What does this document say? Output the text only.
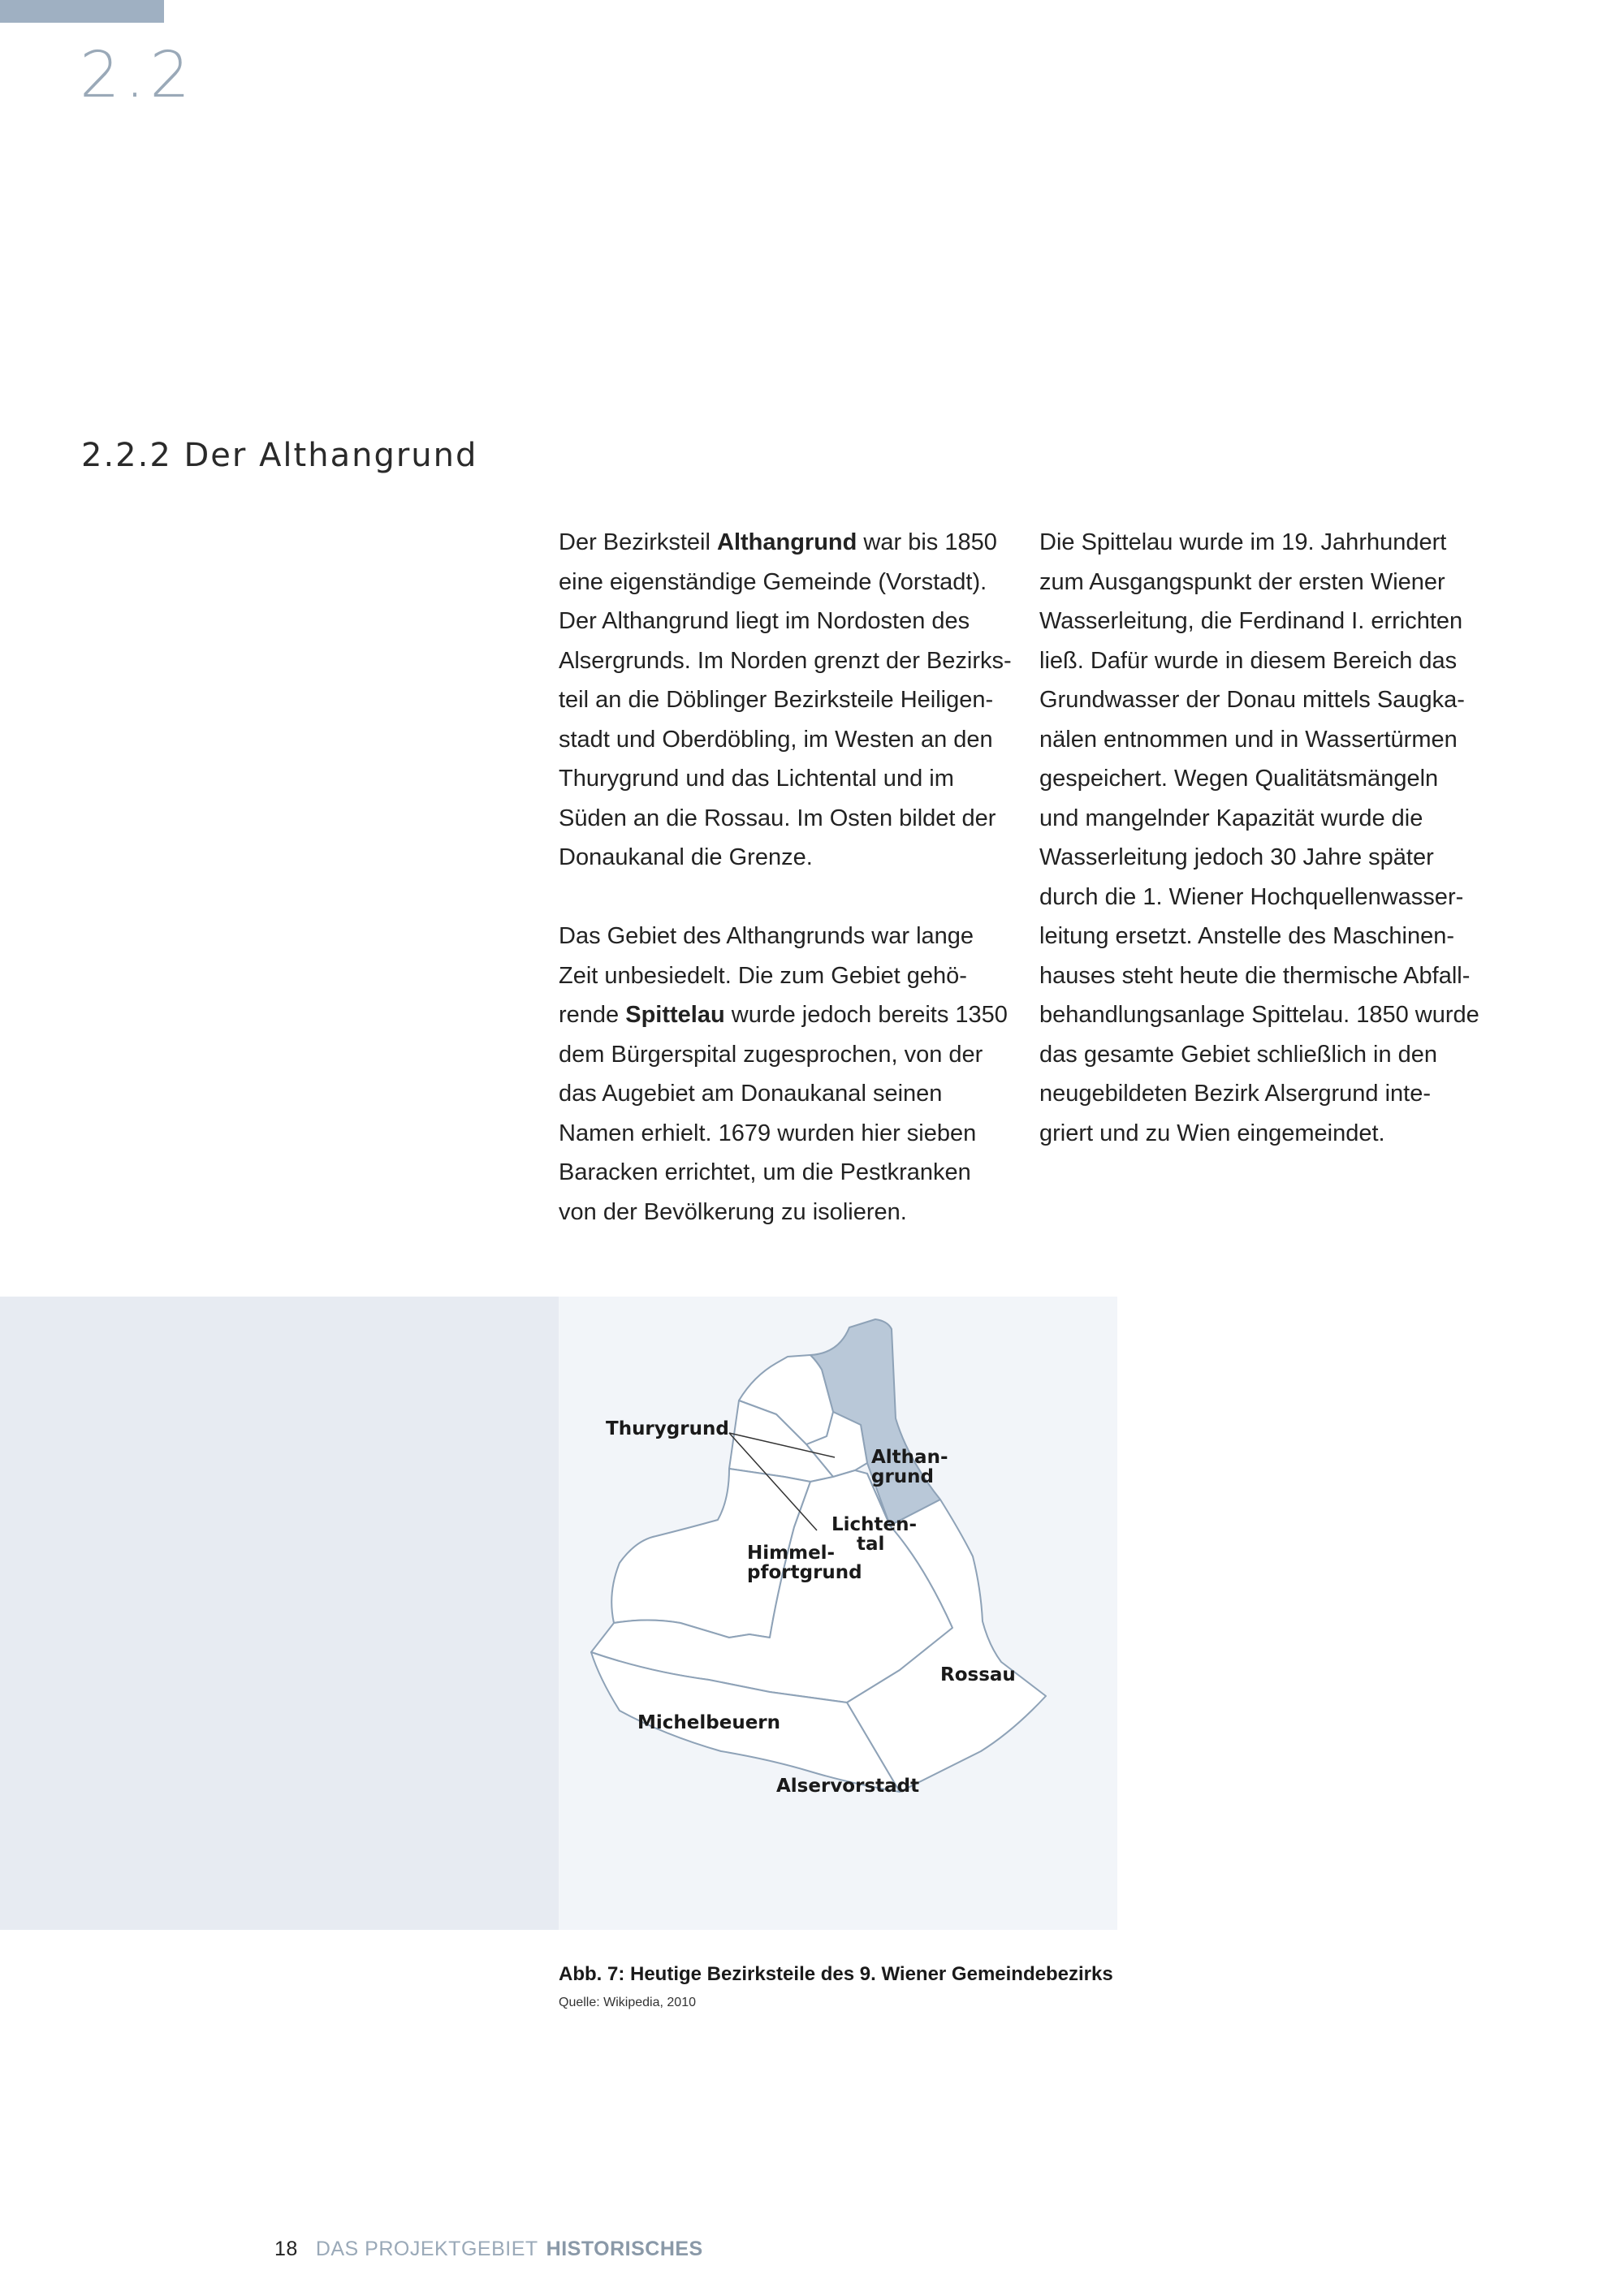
2.2
2.2.2 Der Althangrund

Der Bezirksteil Althangrund war bis 1850
eine eigenständige Gemeinde (Vorstadt).
Der Althangrund liegt im Nordosten des
Alsergrunds. Im Norden grenzt der Bezirks-
teil an die Döblinger Bezirksteile Heiligen-
stadt und Oberdöbling, im Westen an den
Thurygrund und das Lichtental und im
Süden an die Rossau. Im Osten bildet der
Donaukanal die Grenze.

Das Gebiet des Althangrunds war lange
Zeit unbesiedelt. Die zum Gebiet gehö-
rende Spittelau wurde jedoch bereits 1350
dem Bürgerspital zugesprochen, von der
das Augebiet am Donaukanal seinen
Namen erhielt. 1679 wurden hier sieben
Baracken errichtet, um die Pestkranken
von der Bevölkerung zu isolieren.

Die Spittelau wurde im 19. Jahrhundert
zum Ausgangspunkt der ersten Wiener
Wasserleitung, die Ferdinand I. errichten
ließ. Dafür wurde in diesem Bereich das
Grundwasser der Donau mittels Saugka-
nälen entnommen und in Wassertürmen
gespeichert. Wegen Qualitätsmängeln
und mangelnder Kapazität wurde die
Wasserleitung jedoch 30 Jahre später
durch die 1. Wiener Hochquellenwasser-
leitung ersetzt. Anstelle des Maschinen-
hauses steht heute die thermische Abfall-
behandlungsanlage Spittelau. 1850 wurde
das gesamte Gebiet schließlich in den
neugebildeten Bezirk Alsergrund inte-
griert und zu Wien eingemeindet.

Thurygrund
Althan-
grund
Lichten-
tal
Himmel-
pfortgrund
Rossau
Michelbeuern
Alservorstadt
Abb. 7: Heutige Bezirksteile des 9. Wiener Gemeindebezirks
Quelle: Wikipedia, 2010
18 DAS PROJEKTGEBIET HISTORISCHES
